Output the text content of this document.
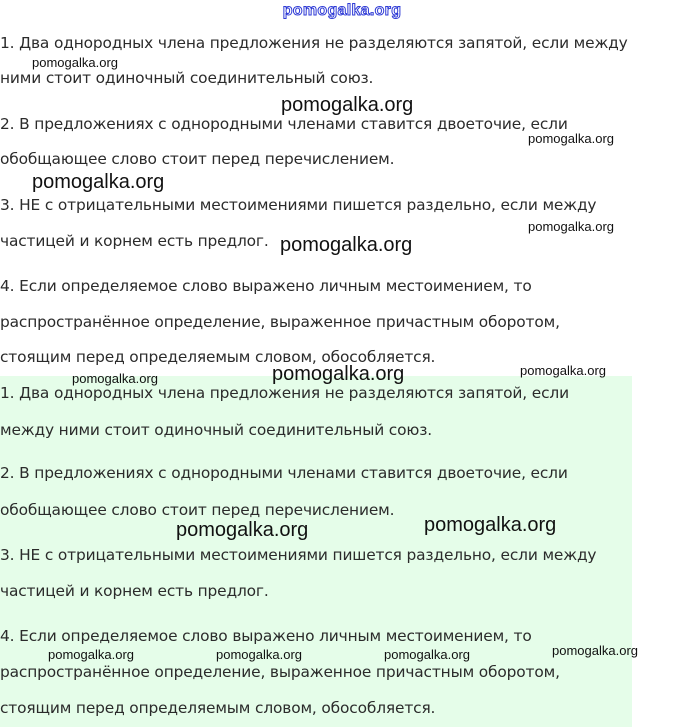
pomogalka.org
1. Два однородных члена предложения не разделяются запятой, если между
ними стоит одиночный соединительный союз.
2. В предложениях с однородными членами ставится двоеточие, если
обобщающее слово стоит перед перечислением.
3. НЕ с отрицательными местоимениями пишется раздельно, если между
частицей и корнем есть предлог.
4. Если определяемое слово выражено личным местоимением, то
распространённое определение, выраженное причастным оборотом,
стоящим перед определяемым словом, обособляется.
1. Два однородных члена предложения не разделяются запятой, если
между ними стоит одиночный соединительный союз.
2. В предложениях с однородными членами ставится двоеточие, если
обобщающее слово стоит перед перечислением.
3. НЕ с отрицательными местоимениями пишется раздельно, если между
частицей и корнем есть предлог.
4. Если определяемое слово выражено личным местоимением, то
распространённое определение, выраженное причастным оборотом,
стоящим перед определяемым словом, обособляется.
pomogalka.org
pomogalka.org
pomogalka.org
pomogalka.org
pomogalka.org
pomogalka.org
pomogalka.org
pomogalka.org
pomogalka.org
pomogalka.org
pomogalka.org
pomogalka.org	pomogalka.org	pomogalka.org	pomogalka.org
